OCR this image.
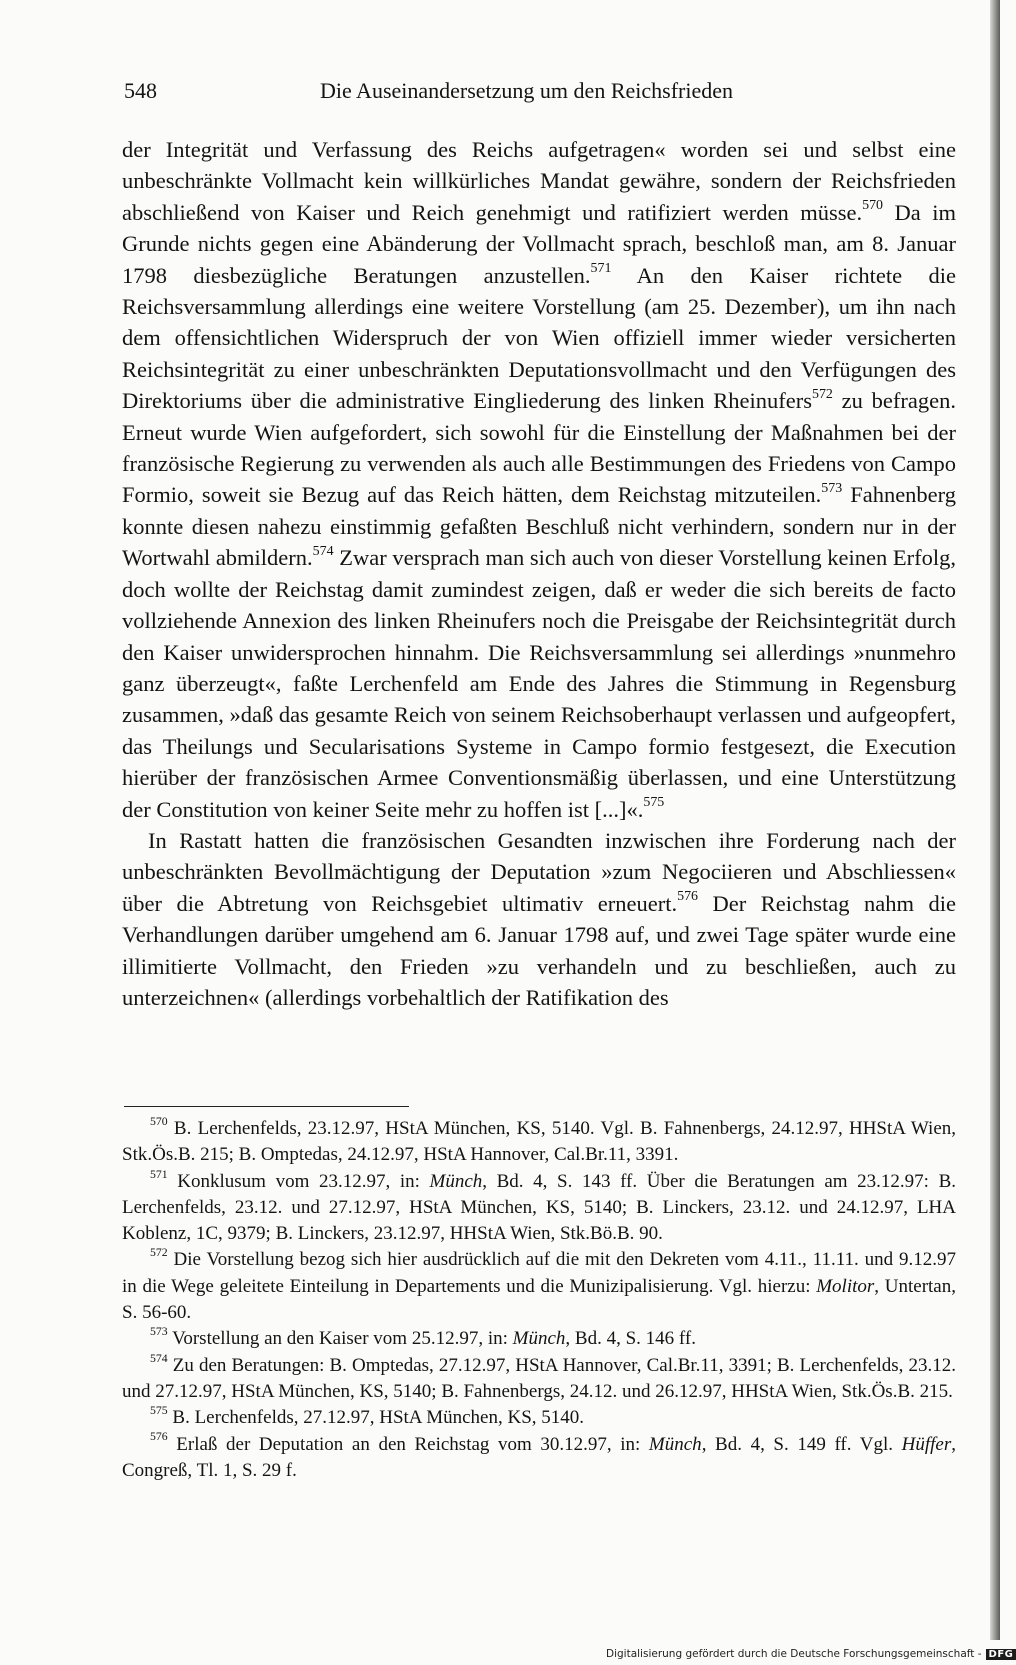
548	Die Auseinandersetzung um den Reichsfrieden

der Integrität und Verfassung des Reichs aufgetragen« worden sei und selbst eine unbeschränkte Vollmacht kein willkürliches Mandat gewähre, sondern der Reichsfrieden abschließend von Kaiser und Reich genehmigt und ratifiziert werden müsse.$^{570}$ Da im Grunde nichts gegen eine Abänderung der Vollmacht sprach, beschloß man, am 8. Januar 1798 diesbezügliche Beratungen anzustellen.$^{571}$ An den Kaiser richtete die Reichsversammlung allerdings eine weitere Vorstellung (am 25. Dezember), um ihn nach dem offensichtlichen Widerspruch der von Wien offiziell immer wieder versicherten Reichsintegrität zu einer unbeschränkten Deputationsvollmacht und den Verfügungen des Direktoriums über die administrative Eingliederung des linken Rheinufers$^{572}$ zu befragen. Erneut wurde Wien aufgefordert, sich sowohl für die Einstellung der Maßnahmen bei der französische Regierung zu verwenden als auch alle Bestimmungen des Friedens von Campo Formio, soweit sie Bezug auf das Reich hätten, dem Reichstag mitzuteilen.$^{573}$ Fahnenberg konnte diesen nahezu einstimmig gefaßten Beschluß nicht verhindern, sondern nur in der Wortwahl abmildern.$^{574}$ Zwar versprach man sich auch von dieser Vorstellung keinen Erfolg, doch wollte der Reichstag damit zumindest zeigen, daß er weder die sich bereits de facto vollziehende Annexion des linken Rheinufers noch die Preisgabe der Reichsintegrität durch den Kaiser unwidersprochen hinnahm. Die Reichsversammlung sei allerdings »nunmehro ganz überzeugt«, faßte Lerchenfeld am Ende des Jahres die Stimmung in Regensburg zusammen, »daß das gesamte Reich von seinem Reichsoberhaupt verlassen und aufgeopfert, das Theilungs und Secularisations Systeme in Campo formio festgesezt, die Execution hierüber der französischen Armee Conventionsmäßig überlassen, und eine Unterstützung der Constitution von keiner Seite mehr zu hoffen ist [...]«.$^{575}$

In Rastatt hatten die französischen Gesandten inzwischen ihre Forderung nach der unbeschränkten Bevollmächtigung der Deputation »zum Negociieren und Abschliessen« über die Abtretung von Reichsgebiet ultimativ erneuert.$^{576}$ Der Reichstag nahm die Verhandlungen darüber umgehend am 6. Januar 1798 auf, und zwei Tage später wurde eine illimitierte Vollmacht, den Frieden »zu verhandeln und zu beschließen, auch zu unterzeichnen« (allerdings vorbehaltlich der Ratifikation des

$^{570}$ B. Lerchenfelds, 23.12.97, HStA München, KS, 5140. Vgl. B. Fahnenbergs, 24.12.97, HHStA Wien, Stk.Ös.B. 215; B. Omptedas, 24.12.97, HStA Hannover, Cal.Br.11, 3391.

$^{571}$ Konklusum vom 23.12.97, in: Münch, Bd. 4, S. 143 ff. Über die Beratungen am 23.12.97: B. Lerchenfelds, 23.12. und 27.12.97, HStA München, KS, 5140; B. Linckers, 23.12. und 24.12.97, LHA Koblenz, 1C, 9379; B. Linckers, 23.12.97, HHStA Wien, Stk.Bö.B. 90.

$^{572}$ Die Vorstellung bezog sich hier ausdrücklich auf die mit den Dekreten vom 4.11., 11.11. und 9.12.97 in die Wege geleitete Einteilung in Departements und die Munizipalisierung. Vgl. hierzu: Molitor, Untertan, S. 56-60.

$^{573}$ Vorstellung an den Kaiser vom 25.12.97, in: Münch, Bd. 4, S. 146 ff.

$^{574}$ Zu den Beratungen: B. Omptedas, 27.12.97, HStA Hannover, Cal.Br.11, 3391; B. Lerchenfelds, 23.12. und 27.12.97, HStA München, KS, 5140; B. Fahnenbergs, 24.12. und 26.12.97, HHStA Wien, Stk.Ös.B. 215.

$^{575}$ B. Lerchenfelds, 27.12.97, HStA München, KS, 5140.

$^{576}$ Erlaß der Deputation an den Reichstag vom 30.12.97, in: Münch, Bd. 4, S. 149 ff. Vgl. Hüffer, Congreß, Tl. 1, S. 29 f.

Digitalisierung gefördert durch die Deutsche Forschungsgemeinschaft - DFG
